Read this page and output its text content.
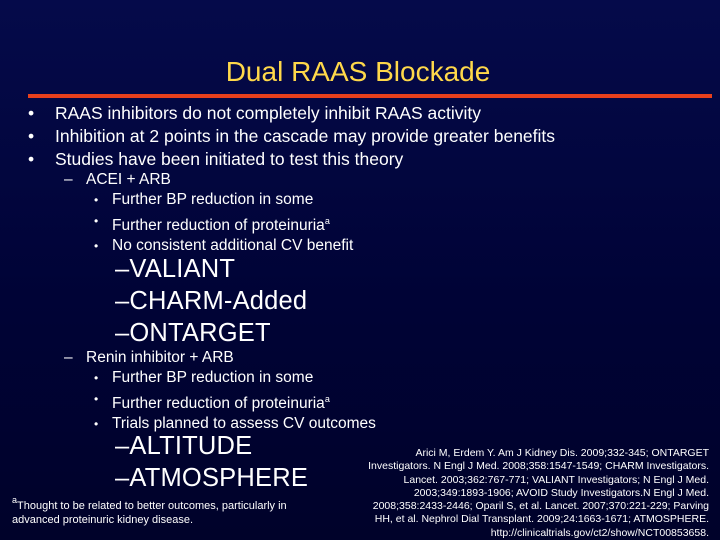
Dual RAAS Blockade
• RAAS inhibitors do not completely inhibit RAAS activity
• Inhibition at 2 points in the cascade may provide greater benefits
• Studies have been initiated to test this theory
– ACEI + ARB
• Further BP reduction in some
• Further reduction of proteinuria$^a$
• No consistent additional CV benefit
–VALIANT
–CHARM-Added
–ONTARGET
– Renin inhibitor + ARB
• Further BP reduction in some
• Further reduction of proteinuria$^a$
• Trials planned to assess CV outcomes
–ALTITUDE
–ATMOSPHERE
$^a$Thought to be related to better outcomes, particularly in advanced proteinuric kidney disease.
Arici M, Erdem Y. Am J Kidney Dis. 2009;332-345; ONTARGET Investigators. N Engl J Med. 2008;358:1547-1549; CHARM Investigators. Lancet. 2003;362:767-771; VALIANT Investigators; N Engl J Med. 2003;349:1893-1906; AVOID Study Investigators.N Engl J Med. 2008;358:2433-2446; Oparil S, et al. Lancet. 2007;370:221-229; Parving HH, et al. Nephrol Dial Transplant. 2009;24:1663-1671; ATMOSPHERE. http://clinicaltrials.gov/ct2/show/NCT00853658.
